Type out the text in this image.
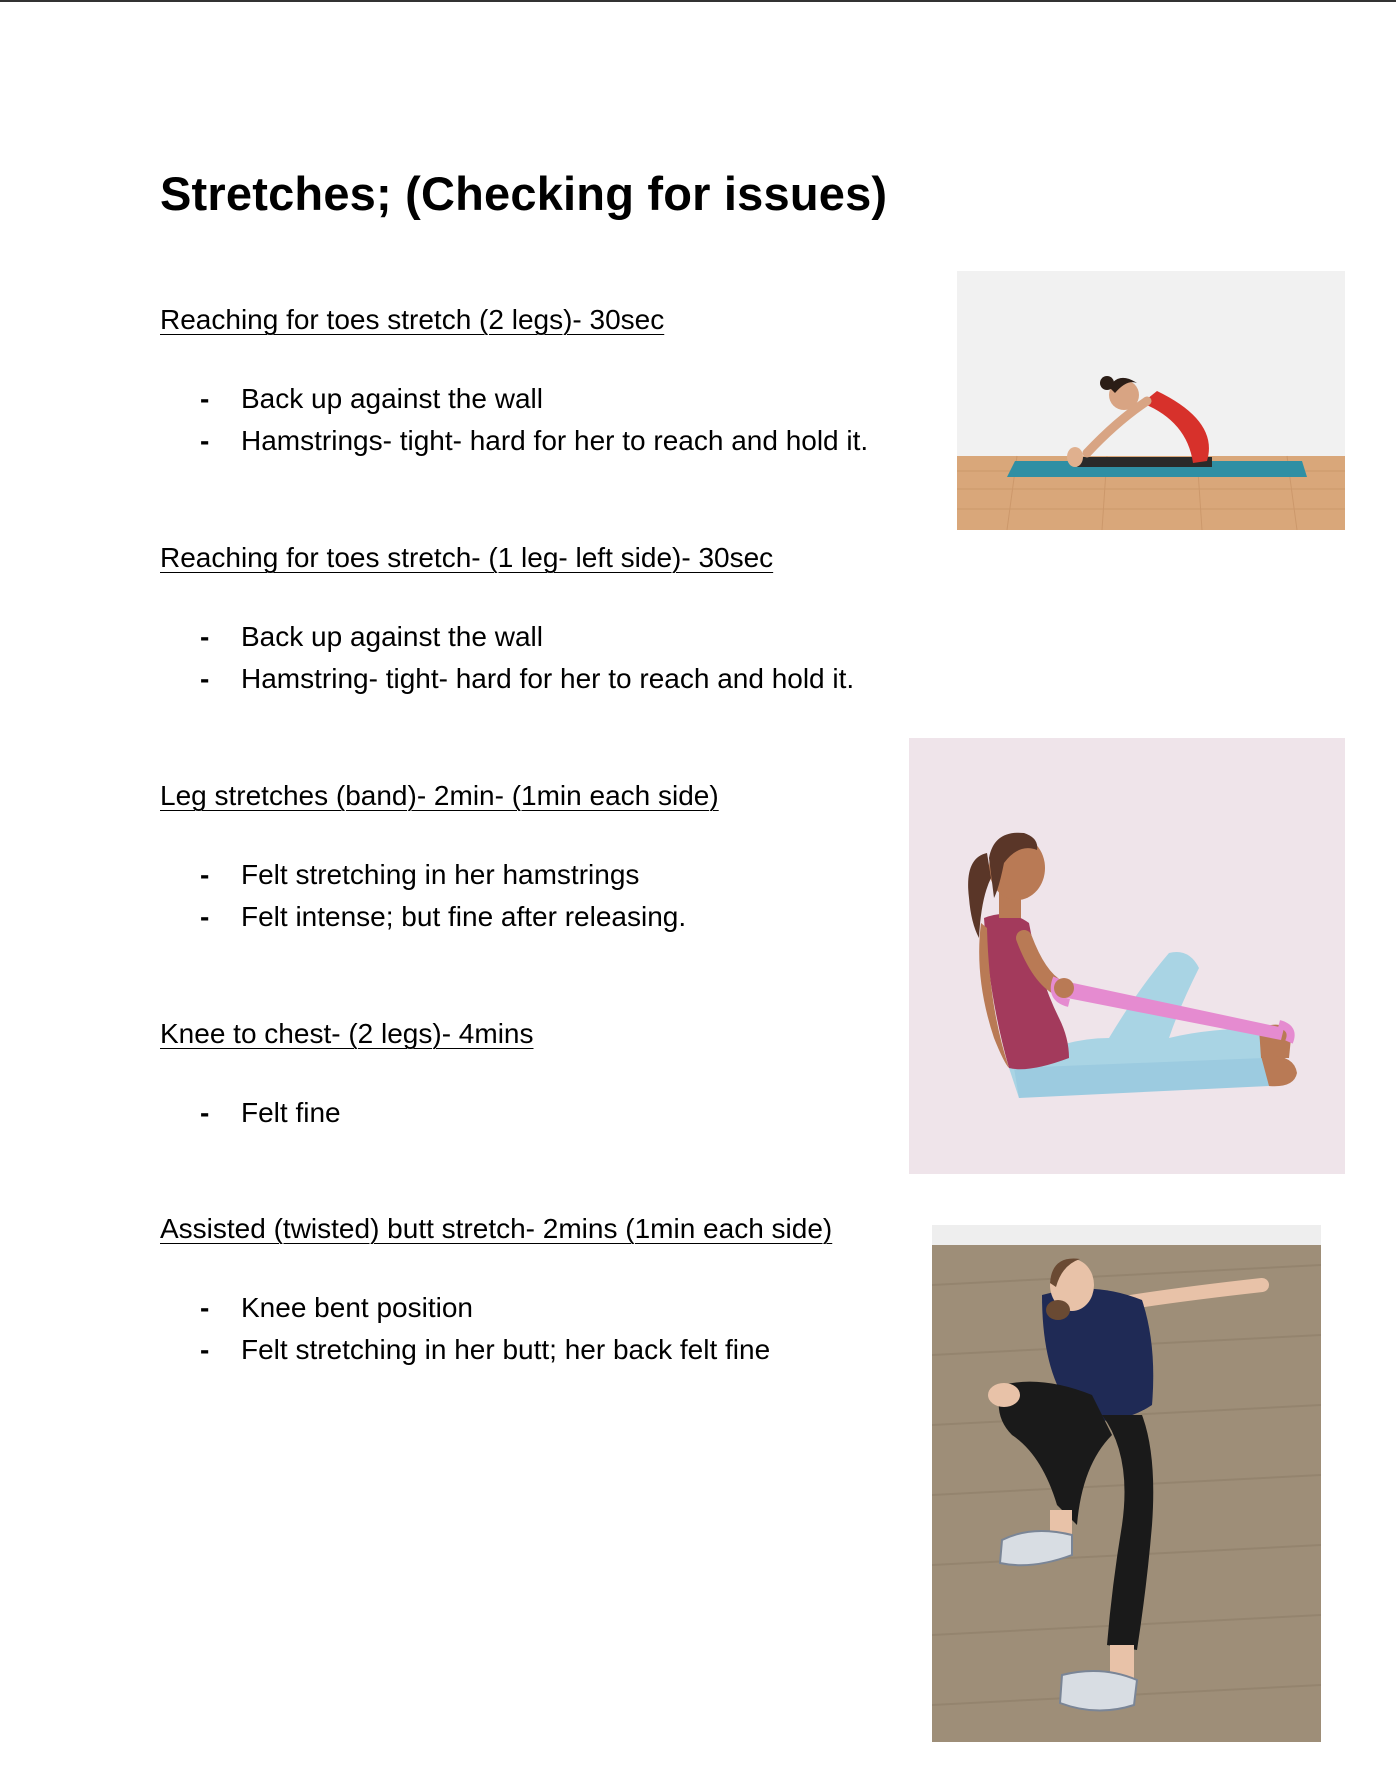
Stretches; (Checking for issues)
Reaching for toes stretch (2 legs)- 30sec
- Back up against the wall
- Hamstrings- tight- hard for her to reach and hold it.
Reaching for toes stretch- (1 leg- left side)- 30sec
- Back up against the wall
- Hamstring- tight- hard for her to reach and hold it.
Leg stretches (band)- 2min- (1min each side)
- Felt stretching in her hamstrings
- Felt intense; but fine after releasing.
Knee to chest- (2 legs)- 4mins
- Felt fine
Assisted (twisted) butt stretch- 2mins (1min each side)
- Knee bent position
- Felt stretching in her butt; her back felt fine
